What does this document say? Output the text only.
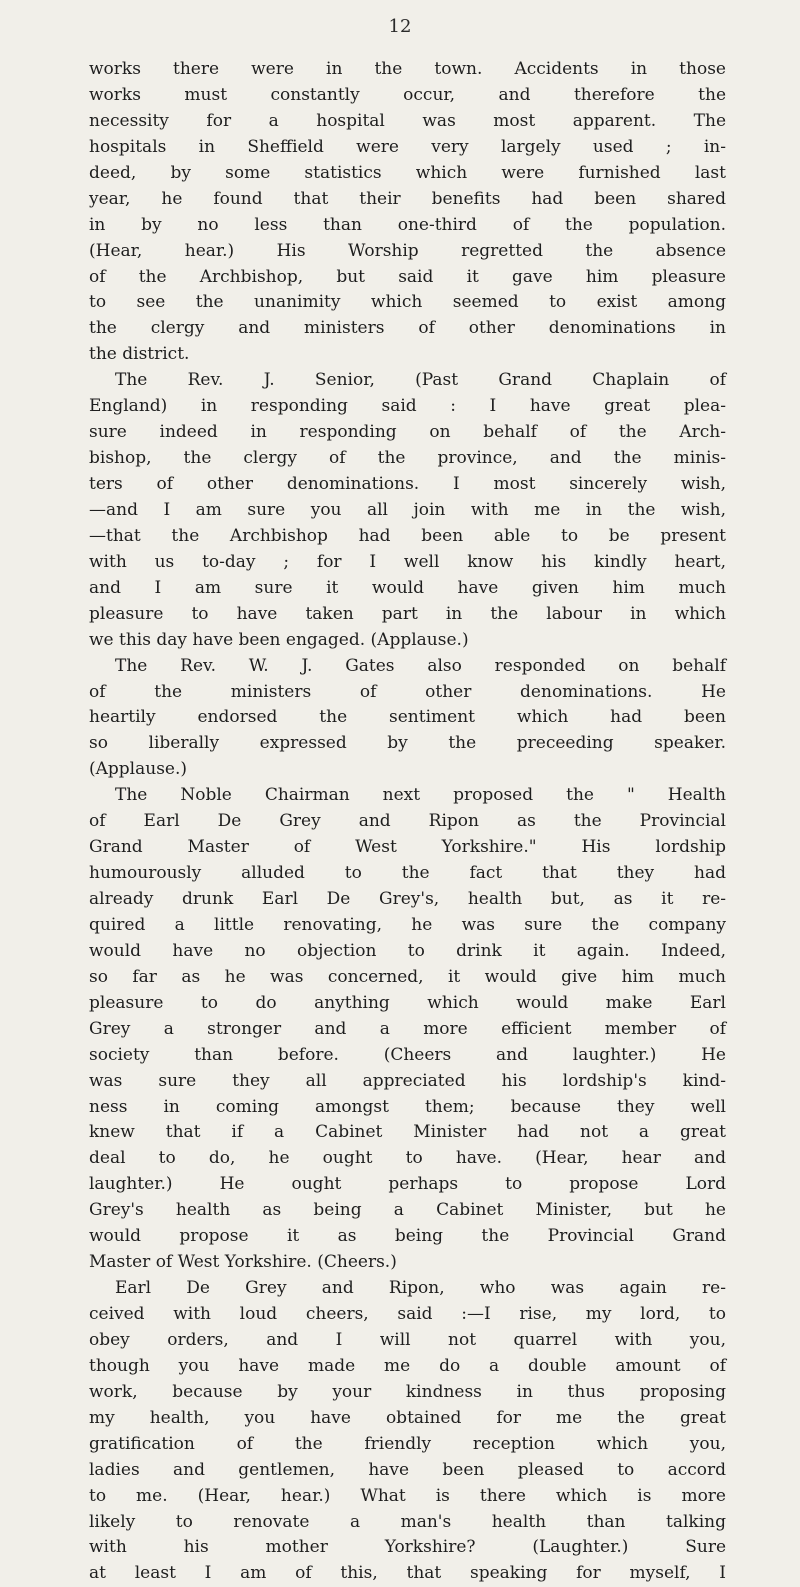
12
works there were in the town. Accidents in those
works must constantly occur, and therefore the
necessity for a hospital was most apparent. The
hospitals in Sheffield were very largely used ; in-
deed, by some statistics which were furnished last
year, he found that their benefits had been shared
in by no less than one-third of the population.
(Hear, hear.) His Worship regretted the absence
of the Archbishop, but said it gave him pleasure
to see the unanimity which seemed to exist among
the clergy and ministers of other denominations in
the district.
The Rev. J. Senior, (Past Grand Chaplain of
England) in responding said : I have great plea-
sure indeed in responding on behalf of the Arch-
bishop, the clergy of the province, and the minis-
ters of other denominations. I most sincerely wish,
—and I am sure you all join with me in the wish,
—that the Archbishop had been able to be present
with us to-day ; for I well know his kindly heart,
and I am sure it would have given him much
pleasure to have taken part in the labour in which
we this day have been engaged. (Applause.)
The Rev. W. J. Gates also responded on behalf
of the ministers of other denominations. He
heartily endorsed the sentiment which had been
so liberally expressed by the preceeding speaker.
(Applause.)
The Noble Chairman next proposed the " Health
of Earl De Grey and Ripon as the Provincial
Grand Master of West Yorkshire." His lordship
humourously alluded to the fact that they had
already drunk Earl De Grey's, health but, as it re-
quired a little renovating, he was sure the company
would have no objection to drink it again. Indeed,
so far as he was concerned, it would give him much
pleasure to do anything which would make Earl
Grey a stronger and a more efficient member of
society than before. (Cheers and laughter.) He
was sure they all appreciated his lordship's kind-
ness in coming amongst them; because they well
knew that if a Cabinet Minister had not a great
deal to do, he ought to have. (Hear, hear and
laughter.) He ought perhaps to propose Lord
Grey's health as being a Cabinet Minister, but he
would propose it as being the Provincial Grand
Master of West Yorkshire. (Cheers.)
Earl De Grey and Ripon, who was again re-
ceived with loud cheers, said :—I rise, my lord, to
obey orders, and I will not quarrel with you,
though you have made me do a double amount of
work, because by your kindness in thus proposing
my health, you have obtained for me the great
gratification of the friendly reception which you,
ladies and gentlemen, have been pleased to accord
to me. (Hear, hear.) What is there which is more
likely to renovate a man's health than talking
with his mother Yorkshire? (Laughter.) Sure
at least I am of this, that speaking for myself, I
